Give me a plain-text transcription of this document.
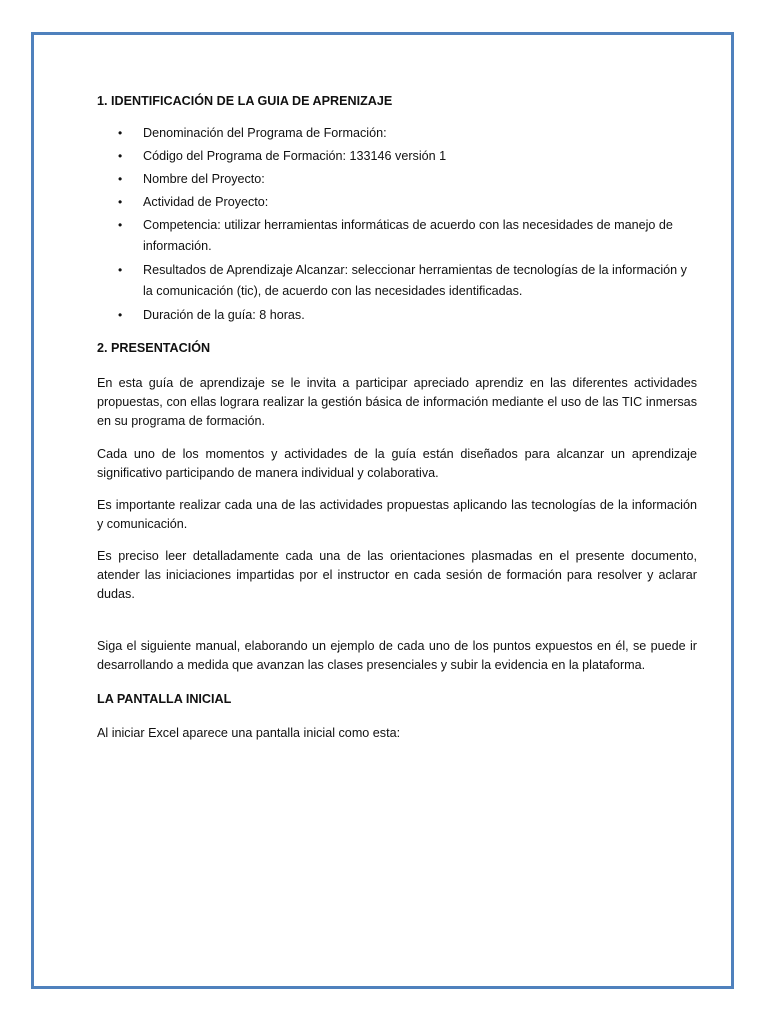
1. IDENTIFICACIÓN DE LA GUIA DE APRENIZAJE

• Denominación del Programa de Formación:
• Código del Programa de Formación: 133146 versión 1
• Nombre del Proyecto:
• Actividad de Proyecto:
• Competencia: utilizar herramientas informáticas de acuerdo con las necesidades de manejo de información.
• Resultados de Aprendizaje Alcanzar: seleccionar herramientas de tecnologías de la información y la comunicación (tic), de acuerdo con las necesidades identificadas.
• Duración de la guía: 8 horas.

2. PRESENTACIÓN

En esta guía de aprendizaje se le invita a participar apreciado aprendiz en las diferentes actividades propuestas, con ellas lograra realizar la gestión básica de información mediante el uso de las TIC inmersas en su programa de formación.

Cada uno de los momentos y actividades de la guía están diseñados para alcanzar un aprendizaje significativo participando de manera individual y colaborativa.

Es importante realizar cada una de las actividades propuestas aplicando las tecnologías de la información y comunicación.

Es preciso leer detalladamente cada una de las orientaciones plasmadas en el presente documento, atender las iniciaciones impartidas por el instructor en cada sesión de formación para resolver y aclarar dudas.

Siga el siguiente manual, elaborando un ejemplo de cada uno de los puntos expuestos en él, se puede ir desarrollando a medida que avanzan las clases presenciales y subir la evidencia en la plataforma.

LA PANTALLA INICIAL

Al iniciar Excel aparece una pantalla inicial como esta:
